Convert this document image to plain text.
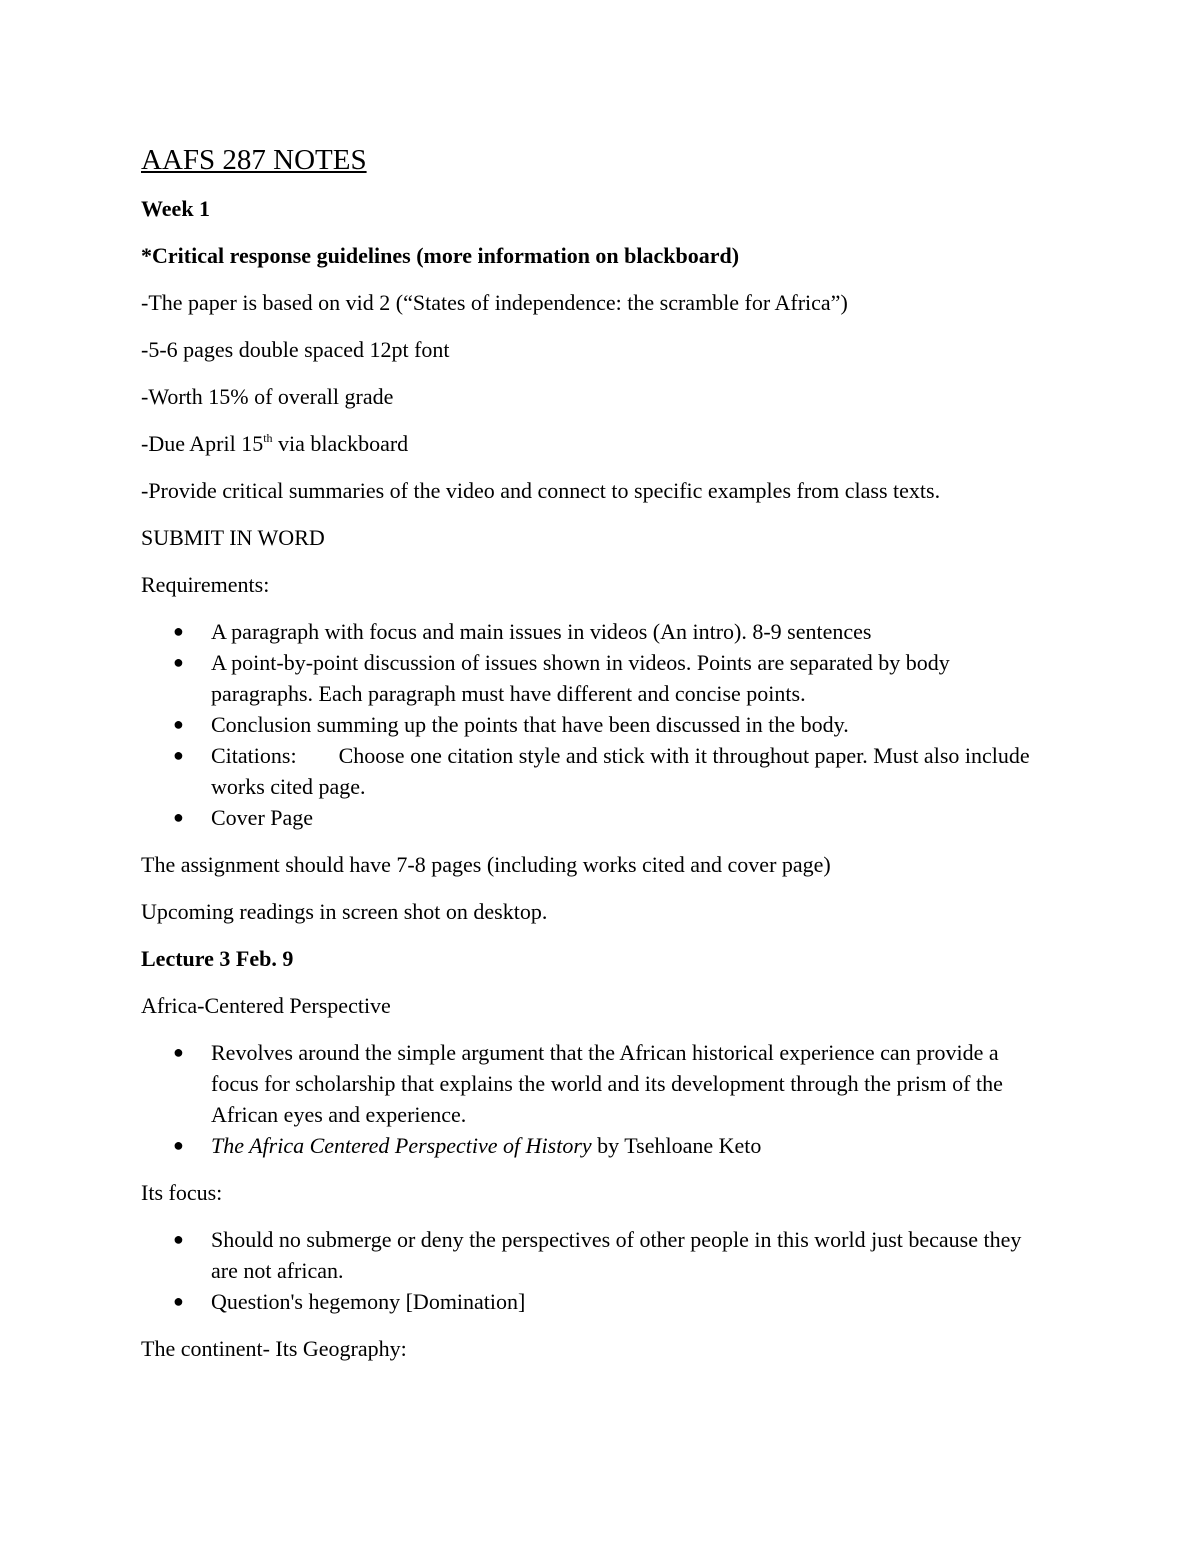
AAFS 287 NOTES

Week 1

*Critical response guidelines (more information on blackboard)

-The paper is based on vid 2 (“States of independence: the scramble for Africa”)

-5-6 pages double spaced 12pt font

-Worth 15% of overall grade

-Due April 15th via blackboard

-Provide critical summaries of the video and connect to specific examples from class texts.

SUBMIT IN WORD

Requirements:

● A paragraph with focus and main issues in videos (An intro). 8-9 sentences
● A point-by-point discussion of issues shown in videos. Points are separated by body paragraphs. Each paragraph must have different and concise points.
● Conclusion summing up the points that have been discussed in the body.
● Citations: Choose one citation style and stick with it throughout paper. Must also include works cited page.
● Cover Page

The assignment should have 7-8 pages (including works cited and cover page)

Upcoming readings in screen shot on desktop.

Lecture 3 Feb. 9

Africa-Centered Perspective

● Revolves around the simple argument that the African historical experience can provide a focus for scholarship that explains the world and its development through the prism of the African eyes and experience.
● The Africa Centered Perspective of History by Tsehloane Keto

Its focus:

● Should no submerge or deny the perspectives of other people in this world just because they are not african.
● Question's hegemony [Domination]

The continent- Its Geography:
